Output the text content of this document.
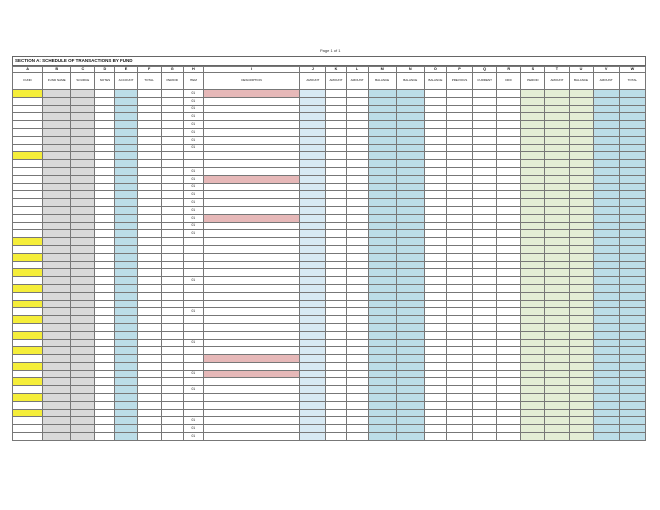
Page 1 of 1
SECTION A: SCHEDULE OF TRANSACTIONS BY FUND
A	B	C	D	E	F	G	H	I	J	K	L	M	N	O	P	Q	R	S	T	U	V	W
FUND	FUND NAME	SOURCE	NOTES	ACCOUNT	TOTAL	PERIOD	ITEM	DESCRIPTION	AMOUNT	AMOUNT	AMOUNT	BALANCE	BALANCE	BALANCE	PREVIOUS	CURRENT	DIFF	PERIOD	AMOUNT	BALANCE	AMOUNT	TOTAL
							01															
							01															
							01															
							01															
							01															
							01															
							01															
							01															

							01															
							01															
							01															
							01															
							01															
							01															
							01															
							01															
							01															

							01															

							01															

							01															

							01															

							01															

							01															
							01															
							01															
